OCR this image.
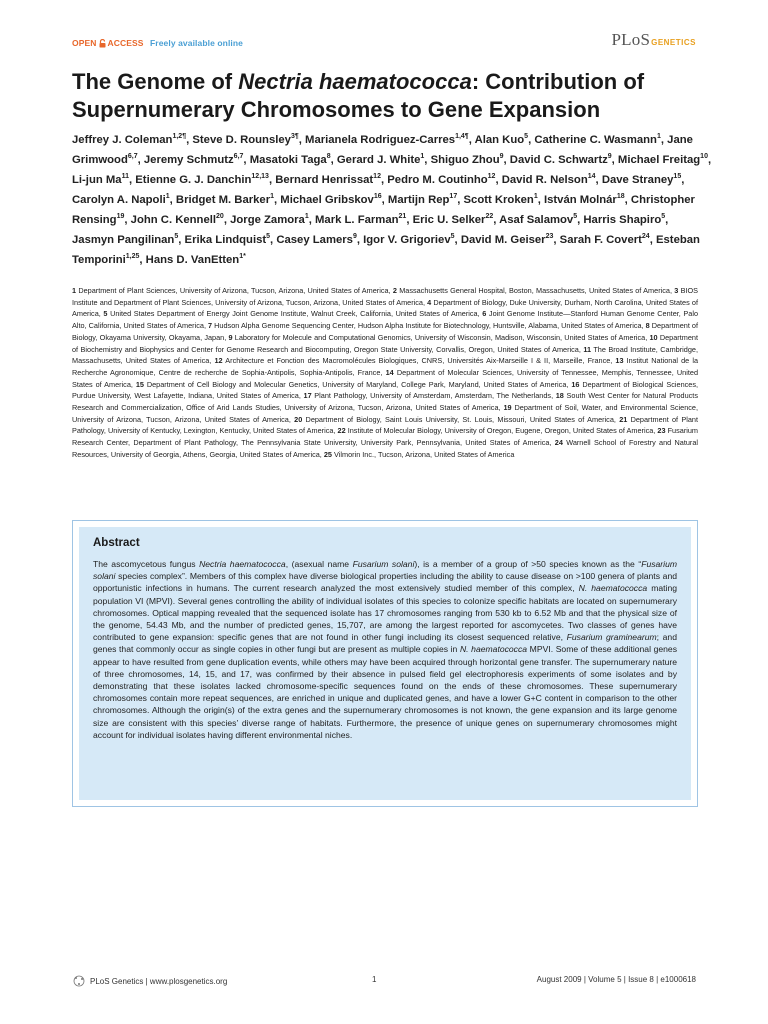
OPEN ACCESS Freely available online	PLoSGENETICS
The Genome of Nectria haematococca: Contribution of Supernumerary Chromosomes to Gene Expansion

Jeffrey J. Coleman$^{1,2\P}$, Steve D. Rounsley$^{3\P}$, Marianela Rodriguez-Carres$^{1,4\P}$, Alan Kuo$^5$, Catherine C. Wasmann$^1$, Jane Grimwood$^{6,7}$, Jeremy Schmutz$^{6,7}$, Masatoki Taga$^8$, Gerard J. White$^1$, Shiguo Zhou$^9$, David C. Schwartz$^9$, Michael Freitag$^{10}$, Li-jun Ma$^{11}$, Etienne G. J. Danchin$^{12,13}$, Bernard Henrissat$^{12}$, Pedro M. Coutinho$^{12}$, David R. Nelson$^{14}$, Dave Straney$^{15}$, Carolyn A. Napoli$^1$, Bridget M. Barker$^1$, Michael Gribskov$^{16}$, Martijn Rep$^{17}$, Scott Kroken$^1$, István Molnár$^{18}$, Christopher Rensing$^{19}$, John C. Kennell$^{20}$, Jorge Zamora$^1$, Mark L. Farman$^{21}$, Eric U. Selker$^{22}$, Asaf Salamov$^5$, Harris Shapiro$^5$, Jasmyn Pangilinan$^5$, Erika Lindquist$^5$, Casey Lamers$^9$, Igor V. Grigoriev$^5$, David M. Geiser$^{23}$, Sarah F. Covert$^{24}$, Esteban Temporini$^{1,25}$, Hans D. VanEtten$^{1*}$

1 Department of Plant Sciences, University of Arizona, Tucson, Arizona, United States of America, 2 Massachusetts General Hospital, Boston, Massachusetts, United States of America, 3 BIOS Institute and Department of Plant Sciences, University of Arizona, Tucson, Arizona, United States of America, 4 Department of Biology, Duke University, Durham, North Carolina, United States of America, 5 United States Department of Energy Joint Genome Institute, Walnut Creek, California, United States of America, 6 Joint Genome Institute—Stanford Human Genome Center, Palo Alto, California, United States of America, 7 Hudson Alpha Genome Sequencing Center, Hudson Alpha Institute for Biotechnology, Huntsville, Alabama, United States of America, 8 Department of Biology, Okayama University, Okayama, Japan, 9 Laboratory for Molecule and Computational Genomics, University of Wisconsin, Madison, Wisconsin, United States of America, 10 Department of Biochemistry and Biophysics and Center for Genome Research and Biocomputing, Oregon State University, Corvallis, Oregon, United States of America, 11 The Broad Institute, Cambridge, Massachusetts, United States of America, 12 Architecture et Fonction des Macromolécules Biologiques, CNRS, Universités Aix-Marseille I & II, Marseille, France, 13 Institut National de la Recherche Agronomique, Centre de recherche de Sophia-Antipolis, Sophia-Antipolis, France, 14 Department of Molecular Sciences, University of Tennessee, Memphis, Tennessee, United States of America, 15 Department of Cell Biology and Molecular Genetics, University of Maryland, College Park, Maryland, United States of America, 16 Department of Biological Sciences, Purdue University, West Lafayette, Indiana, United States of America, 17 Plant Pathology, University of Amsterdam, Amsterdam, The Netherlands, 18 South West Center for Natural Products Research and Commercialization, Office of Arid Lands Studies, University of Arizona, Tucson, Arizona, United States of America, 19 Department of Soil, Water, and Environmental Science, University of Arizona, Tucson, Arizona, United States of America, 20 Department of Biology, Saint Louis University, St. Louis, Missouri, United States of America, 21 Department of Plant Pathology, University of Kentucky, Lexington, Kentucky, United States of America, 22 Institute of Molecular Biology, University of Oregon, Eugene, Oregon, United States of America, 23 Fusarium Research Center, Department of Plant Pathology, The Pennsylvania State University, University Park, Pennsylvania, United States of America, 24 Warnell School of Forestry and Natural Resources, University of Georgia, Athens, Georgia, United States of America, 25 Vilmorin Inc., Tucson, Arizona, United States of America

Abstract

The ascomycetous fungus Nectria haematococca, (asexual name Fusarium solani), is a member of a group of >50 species known as the “Fusarium solani species complex”. Members of this complex have diverse biological properties including the ability to cause disease on >100 genera of plants and opportunistic infections in humans. The current research analyzed the most extensively studied member of this complex, N. haematococca mating population VI (MPVI). Several genes controlling the ability of individual isolates of this species to colonize specific habitats are located on supernumerary chromosomes. Optical mapping revealed that the sequenced isolate has 17 chromosomes ranging from 530 kb to 6.52 Mb and that the physical size of the genome, 54.43 Mb, and the number of predicted genes, 15,707, are among the largest reported for ascomycetes. Two classes of genes have contributed to gene expansion: specific genes that are not found in other fungi including its closest sequenced relative, Fusarium graminearum; and genes that commonly occur as single copies in other fungi but are present as multiple copies in N. haematococca MPVI. Some of these additional genes appear to have resulted from gene duplication events, while others may have been acquired through horizontal gene transfer. The supernumerary nature of three chromosomes, 14, 15, and 17, was confirmed by their absence in pulsed field gel electrophoresis experiments of some isolates and by demonstrating that these isolates lacked chromosome-specific sequences found on the ends of these chromosomes. These supernumerary chromosomes contain more repeat sequences, are enriched in unique and duplicated genes, and have a lower G+C content in comparison to the other chromosomes. Although the origin(s) of the extra genes and the supernumerary chromosomes is not known, the gene expansion and its large genome size are consistent with this species’ diverse range of habitats. Furthermore, the presence of unique genes on supernumerary chromosomes might account for individual isolates having different environmental niches.

PLoS Genetics | www.plosgenetics.org	1	August 2009 | Volume 5 | Issue 8 | e1000618
